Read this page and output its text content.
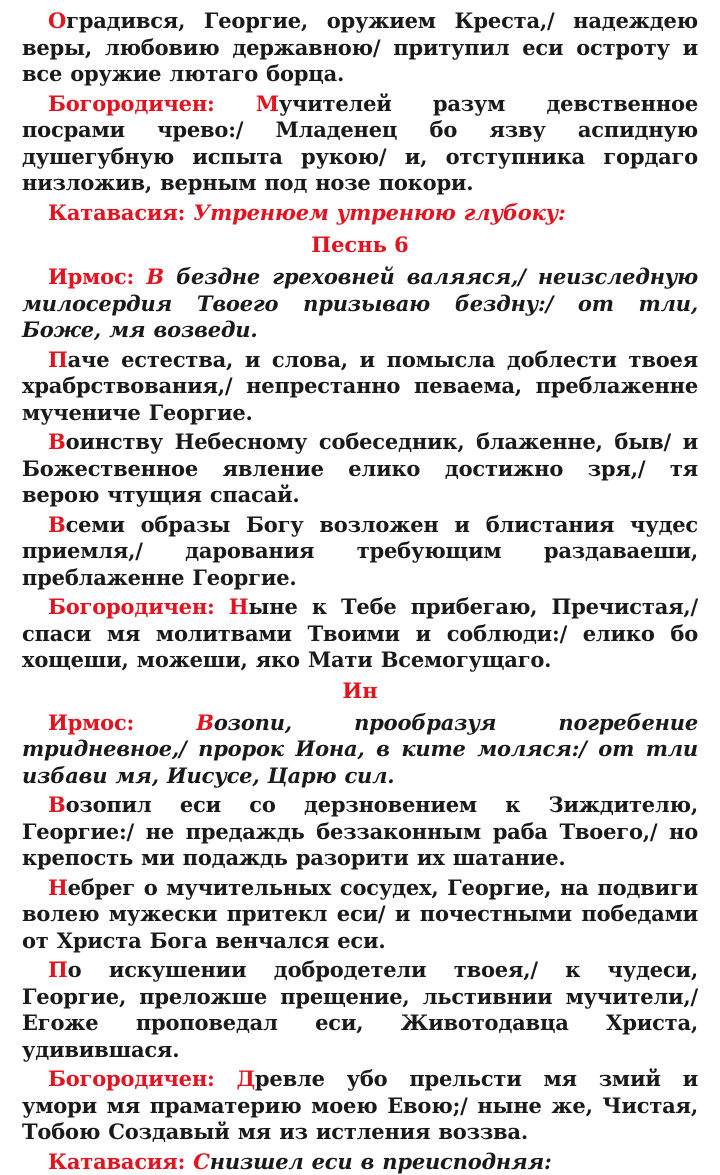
Оградився, Георгие, оружием Креста,/ надеждею веры, любовию державною/ притупил еси остроту и все оружие лютаго борца.

Богородичен: Мучителей разум девственное посрами чрево:/ Младенец бо язву аспидную душегубную испыта рукою/ и, отступника гордаго низложив, верным под нозе покори.

Катавасия: Утренюем утренюю глубоку:

Песнь 6

Ирмос: В бездне греховней валяяся,/ неизследную милосердия Твоего призываю бездну:/ от тли, Боже, мя возведи.

Паче естества, и слова, и помысла доблести твоея храбрствования,/ непрестанно певаема, преблаженне мучениче Георгие.

Воинству Небесному собеседник, блаженне, быв/ и Божественное явление елико достижно зря,/ тя верою чтущия спасай.

Всеми образы Богу возложен и блистания чудес приемля,/ дарования требующим раздаваеши, преблаженне Георгие.

Богородичен: Ныне к Тебе прибегаю, Пречистая,/ спаси мя молитвами Твоими и соблюди:/ елико бо хощеши, можеши, яко Мати Всемогущаго.

Ин

Ирмос: Возопи, прообразуя погребение тридневное,/ пророк Иона, в ките моляся:/ от тли избави мя, Иисусе, Царю сил.

Возопил еси со дерзновением к Зиждителю, Георгие:/ не предаждь беззаконным раба Твоего,/ но крепость ми подаждь разорити их шатание.

Небрег о мучительных сосудех, Георгие, на подвиги волею мужески притекл еси/ и почестными победами от Христа Бога венчался еси.

По искушении добродетели твоея,/ к чудеси, Георгие, преложше прещение, льстивнии мучители,/ Егоже проповедал еси, Животодавца Христа, удивившася.

Богородичен: Древле убо прельсти мя змий и умори мя праматерию моею Евою;/ ныне же, Чистая, Тобою Создавый мя из истления воззва.

Катавасия: Снизшел еси в преисподняя:
